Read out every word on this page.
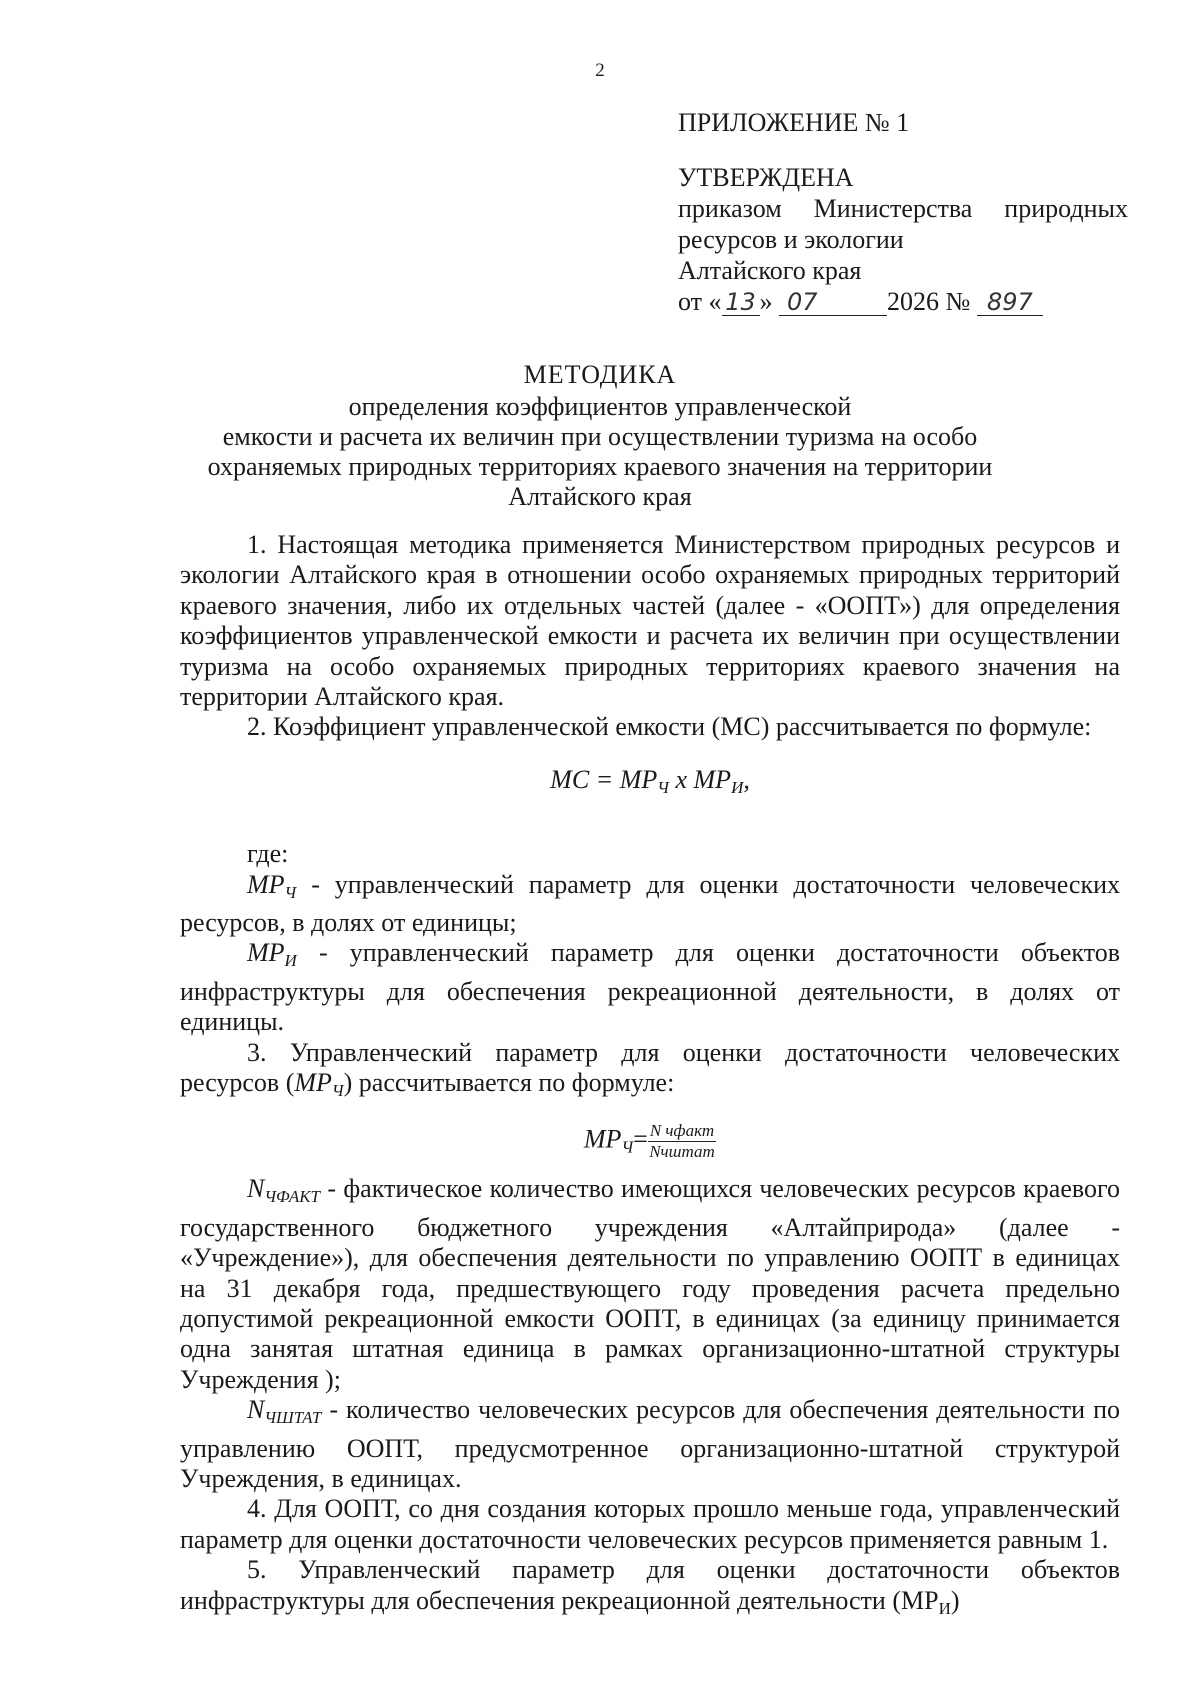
2
ПРИЛОЖЕНИЕ № 1
УТВЕРЖДЕНА
приказом Министерства природных
ресурсов и экологии
Алтайского края
от « 13 » 07	2026 № 897
МЕТОДИКА
определения коэффициентов управленческой
емкости и расчета их величин при осуществлении туризма на особо
охраняемых природных территориях краевого значения на территории
Алтайского края

1. Настоящая методика применяется Министерством природных ресурсов и экологии Алтайского края в отношении особо охраняемых природных территорий краевого значения, либо их отдельных частей (далее - «ООПТ») для определения коэффициентов управленческой емкости и расчета их величин при осуществлении туризма на особо охраняемых природных территориях краевого значения на территории Алтайского края.

2. Коэффициент управленческой емкости (МС) рассчитывается по формуле:

МС = $МР_Ч$ х $МР_И$,

где:

$МР_Ч$ - управленческий параметр для оценки достаточности человеческих ресурсов, в долях от единицы;

$МР_И$ - управленческий параметр для оценки достаточности объектов инфраструктуры для обеспечения рекреационной деятельности, в долях от единицы.

3. Управленческий параметр для оценки достаточности человеческих ресурсов $(МР_Ч)$ рассчитывается по формуле:

$МР_Ч= \frac{\text{N чфакт}}{\text{Nчштат}}$

$N_{ЧФАКТ}$ - фактическое количество имеющихся человеческих ресурсов краевого государственного бюджетного учреждения «Алтайприрода» (далее - «Учреждение»), для обеспечения деятельности по управлению ООПТ в единицах на 31 декабря года, предшествующего году проведения расчета предельно допустимой рекреационной емкости ООПТ, в единицах (за единицу принимается одна занятая штатная единица в рамках организационно-штатной структуры Учреждения );

$N_{ЧШТАТ}$ - количество человеческих ресурсов для обеспечения деятельности по управлению ООПТ, предусмотренное организационно-штатной структурой Учреждения, в единицах.

4. Для ООПТ, со дня создания которых прошло меньше года, управленческий параметр для оценки достаточности человеческих ресурсов применяется равным 1.

5. Управленческий параметр для оценки достаточности объектов инфраструктуры для обеспечения рекреационной деятельности $(МР_И)$
